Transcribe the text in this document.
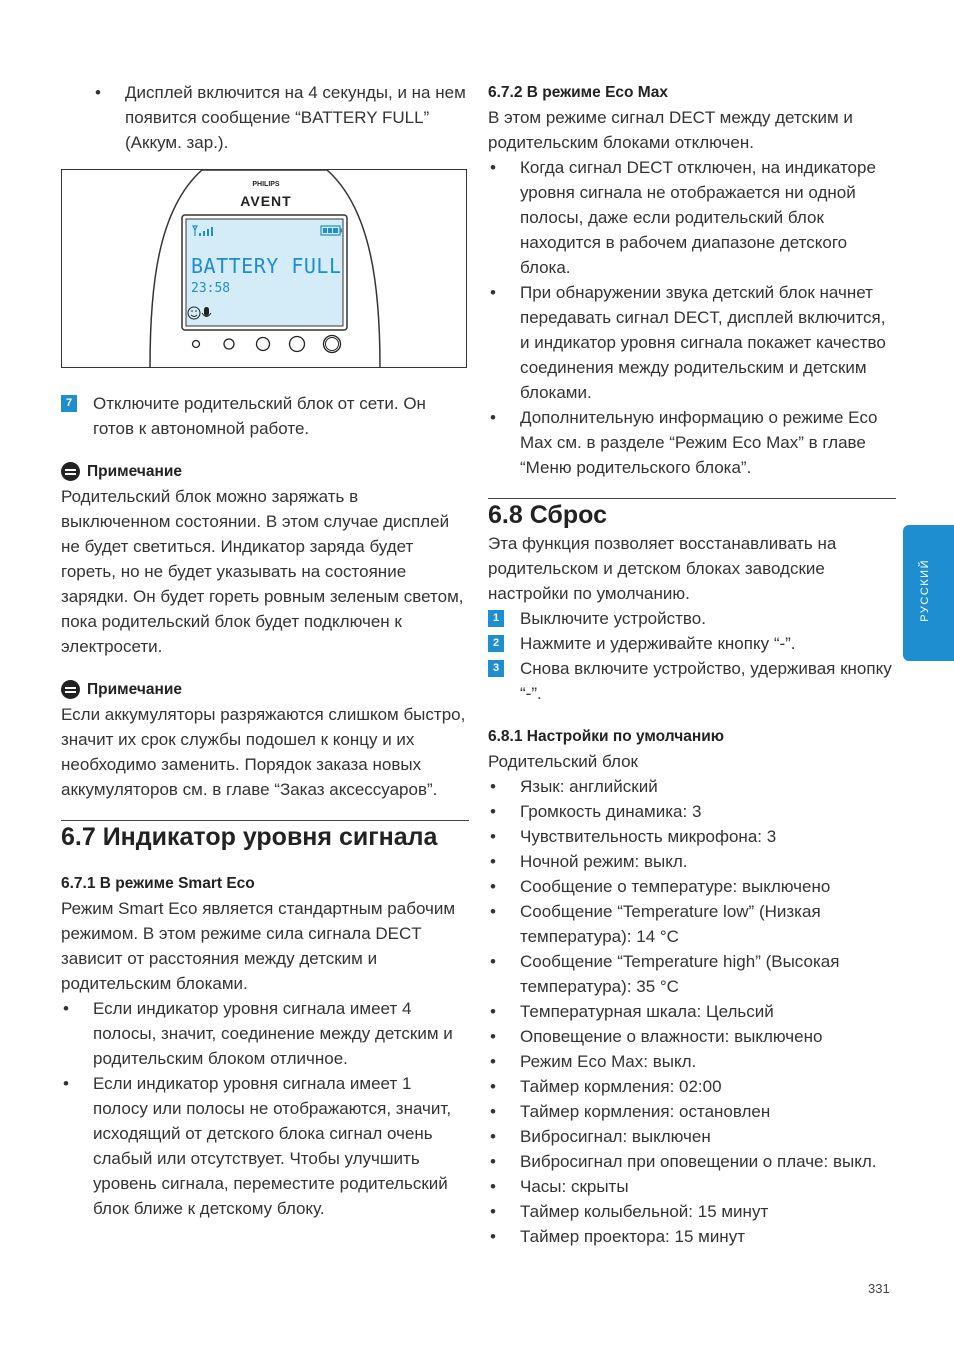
• Дисплей включится на 4 секунды, и на нем появится сообщение “BATTERY FULL” (Аккум. зар.).

PHILIPS
AVENT
BATTERY FULL
23:58

7 Отключите родительский блок от сети. Он готов к автономной работе.

Примечание

Родительский блок можно заряжать в выключенном состоянии. В этом случае дисплей не будет светиться. Индикатор заряда будет гореть, но не будет указывать на состояние зарядки. Он будет гореть ровным зеленым светом, пока родительский блок будет подключен к электросети.

Примечание

Если аккумуляторы разряжаются слишком быстро, значит их срок службы подошел к концу и их необходимо заменить. Порядок заказа новых аккумуляторов см. в главе “Заказ аксессуаров”.

6.7 Индикатор уровня сигнала

6.7.1 В режиме Smart Eco

Режим Smart Eco является стандартным рабочим режимом. В этом режиме сила сигнала DECT зависит от расстояния между детским и родительским блоками.

• Если индикатор уровня сигнала имеет 4 полосы, значит, соединение между детским и родительским блоком отличное.

• Если индикатор уровня сигнала имеет 1 полосу или полосы не отображаются, значит, исходящий от детского блока сигнал очень слабый или отсутствует. Чтобы улучшить уровень сигнала, переместите родительский блок ближе к детскому блоку.

6.7.2 В режиме Eco Max

В этом режиме сигнал DECT между детским и родительским блоками отключен.

• Когда сигнал DECT отключен, на индикаторе уровня сигнала не отображается ни одной полосы, даже если родительский блок находится в рабочем диапазоне детского блока.

• При обнаружении звука детский блок начнет передавать сигнал DECT, дисплей включится, и индикатор уровня сигнала покажет качество соединения между родительским и детским блоками.

• Дополнительную информацию о режиме Eco Max см. в разделе “Режим Eco Max” в главе “Меню родительского блока”.

6.8 Сброс

Эта функция позволяет восстанавливать на родительском и детском блоках заводские настройки по умолчанию.

1 Выключите устройство.

2 Нажмите и удерживайте кнопку “-”.

3 Снова включите устройство, удерживая кнопку “-”.

6.8.1 Настройки по умолчанию

Родительский блок

• Язык: английский

• Громкость динамика: 3

• Чувствительность микрофона: 3

• Ночной режим: выкл.

• Сообщение о температуре: выключено

• Сообщение “Temperature low” (Низкая температура): 14 °C

• Сообщение “Temperature high” (Высокая температура): 35 °C

• Температурная шкала: Цельсий

• Оповещение о влажности: выключено

• Режим Eco Max: выкл.

• Таймер кормления: 02:00

• Таймер кормления: остановлен

• Вибросигнал: выключен

• Вибросигнал при оповещении о плаче: выкл.

• Часы: скрыты

• Таймер колыбельной: 15 минут

• Таймер проектора: 15 минут

РУССКИЙ
331
